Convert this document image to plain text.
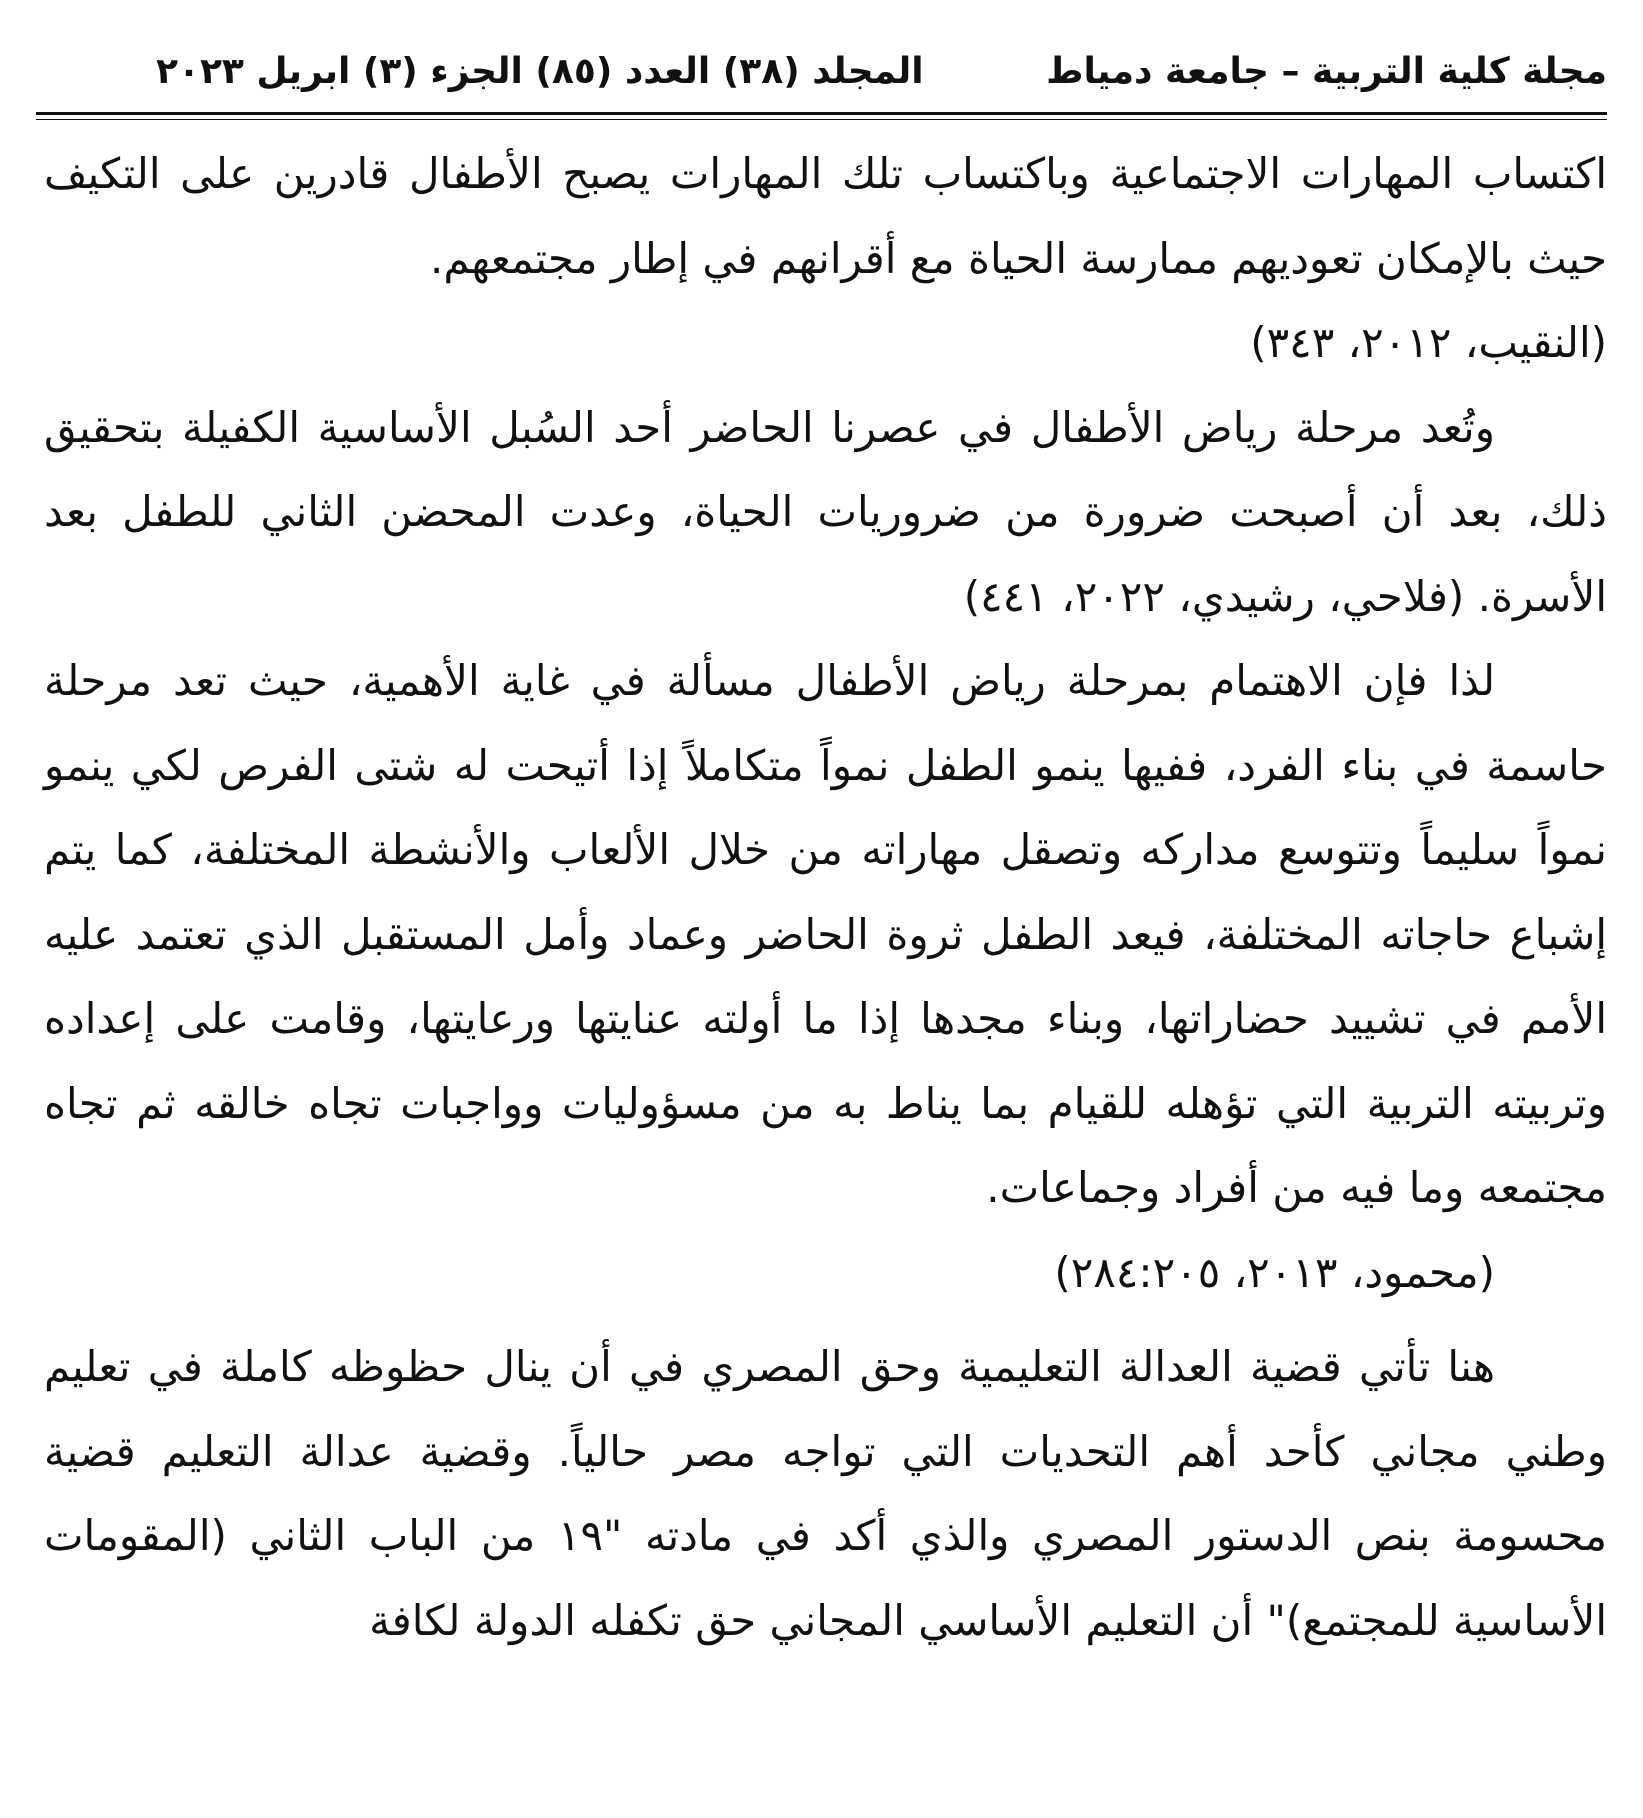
مجلة كلية التربية – جامعة دمياط
المجلد (٣٨) العدد (٨٥) الجزء (٣) ابريل ٢٠٢٣

اكتساب المهارات الاجتماعية وباكتساب تلك المهارات يصبح الأطفال قادرين على التكيف حيث بالإمكان تعوديهم ممارسة الحياة مع أقرانهم في إطار مجتمعهم.
(النقيب، ٢٠١٢، ٣٤٣)

وتُعد مرحلة رياض الأطفال في عصرنا الحاضر أحد السُبل الأساسية الكفيلة بتحقيق ذلك، بعد أن أصبحت ضرورة من ضروريات الحياة، وعدت المحضن الثاني للطفل بعد الأسرة. (فلاحي، رشيدي، ٢٠٢٢، ٤٤١)

لذا فإن الاهتمام بمرحلة رياض الأطفال مسألة في غاية الأهمية، حيث تعد مرحلة حاسمة في بناء الفرد، ففيها ينمو الطفل نمواً متكاملاً إذا أتيحت له شتى الفرص لكي ينمو نمواً سليماً وتتوسع مداركه وتصقل مهاراته من خلال الألعاب والأنشطة المختلفة، كما يتم إشباع حاجاته المختلفة، فيعد الطفل ثروة الحاضر وعماد وأمل المستقبل الذي تعتمد عليه الأمم في تشييد حضاراتها، وبناء مجدها إذا ما أولته عنايتها ورعايتها، وقامت على إعداده وتربيته التربية التي تؤهله للقيام بما يناط به من مسؤوليات وواجبات تجاه خالقه ثم تجاه مجتمعه وما فيه من أفراد وجماعات.
(محمود، ٢٠١٣، ٢٨٤:٢٠٥)

هنا تأتي قضية العدالة التعليمية وحق المصري في أن ينال حظوظه كاملة في تعليم وطني مجاني كأحد أهم التحديات التي تواجه مصر حالياً. وقضية عدالة التعليم قضية محسومة بنص الدستور المصري والذي أكد في مادته "١٩ من الباب الثاني (المقومات الأساسية للمجتمع)" أن التعليم الأساسي المجاني حق تكفله الدولة لكافة
